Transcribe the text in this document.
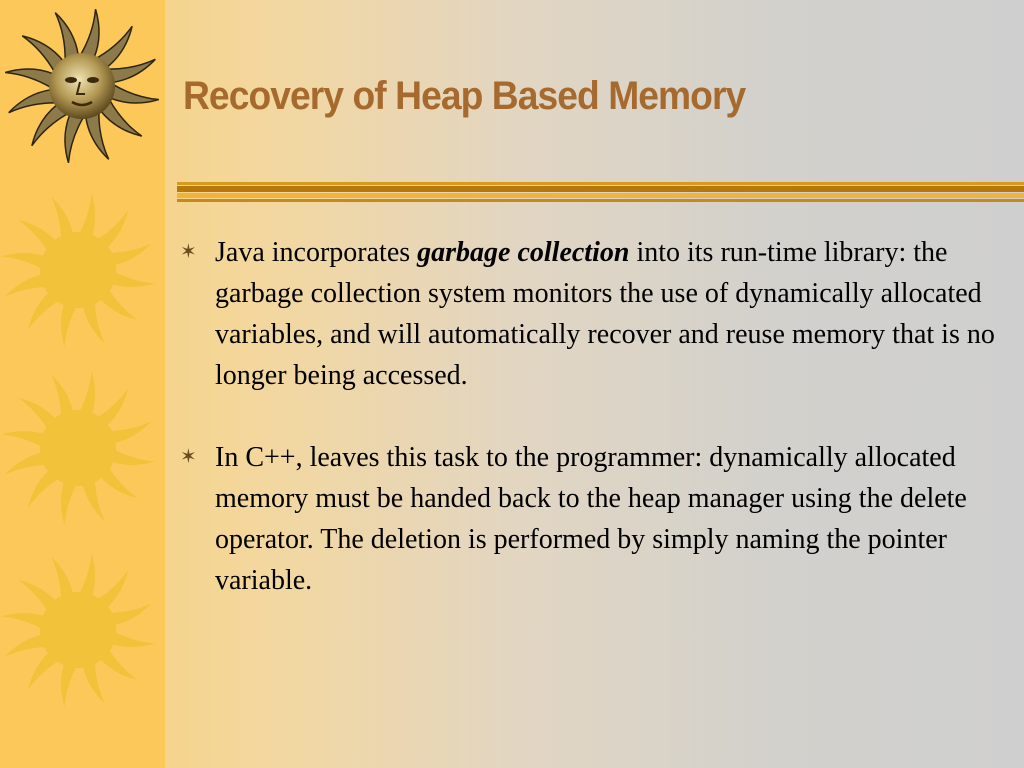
Recovery of Heap Based Memory
✶ Java incorporates garbage collection into its run-time library: the garbage collection system monitors the use of dynamically allocated variables, and will automatically recover and reuse memory that is no longer being accessed.
✶ In C++, leaves this task to the programmer: dynamically allocated memory must be handed back to the heap manager using the delete operator. The deletion is performed by simply naming the pointer variable.
